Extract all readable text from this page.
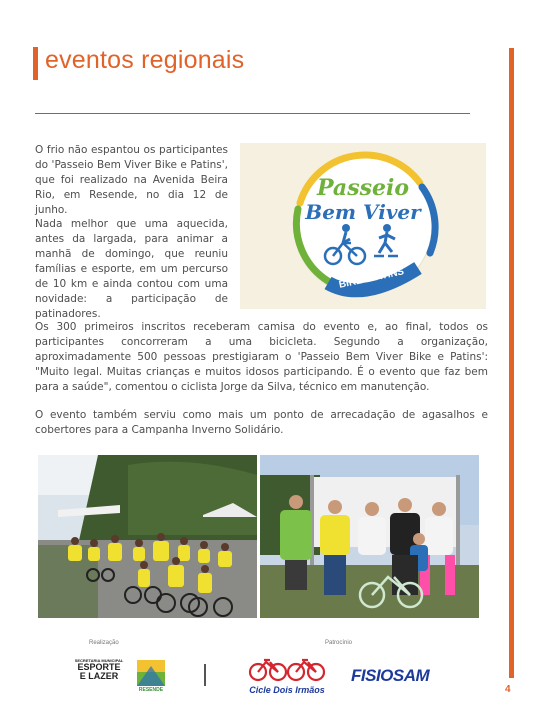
eventos regionais

O frio não espantou os participantes do 'Passeio Bem Viver Bike e Patins', que foi realizado na Avenida Beira Rio, em Resende, no dia 12 de junho.

Nada melhor que uma aquecida, antes da largada, para animar a manhã de domingo, que reuniu famílias e esporte, em um percurso de 10 km e ainda contou com uma novidade: a participação de patinadores.

Os 300 primeiros inscritos receberam camisa do evento e, ao final, todos os participantes concorreram a uma bicicleta. Segundo a organização, aproximadamente 500 pessoas prestigiaram o 'Passeio Bem Viver Bike e Patins': "Muito legal. Muitas crianças e muitos idosos participando. É o evento que faz bem para a saúde", comentou o ciclista Jorge da Silva, técnico em manutenção.

O evento também serviu como mais um ponto de arrecadação de agasalhos e cobertores para a Campanha Inverno Solidário.

BIKE&PATINS
Passeio
Bem Viver
Realização	Patrocínio
SECRETARIA MUNICIPAL
ESPORTE
E LAZER
RESENDE	Cicle Dois Irmãos
FISIOSAM
4
